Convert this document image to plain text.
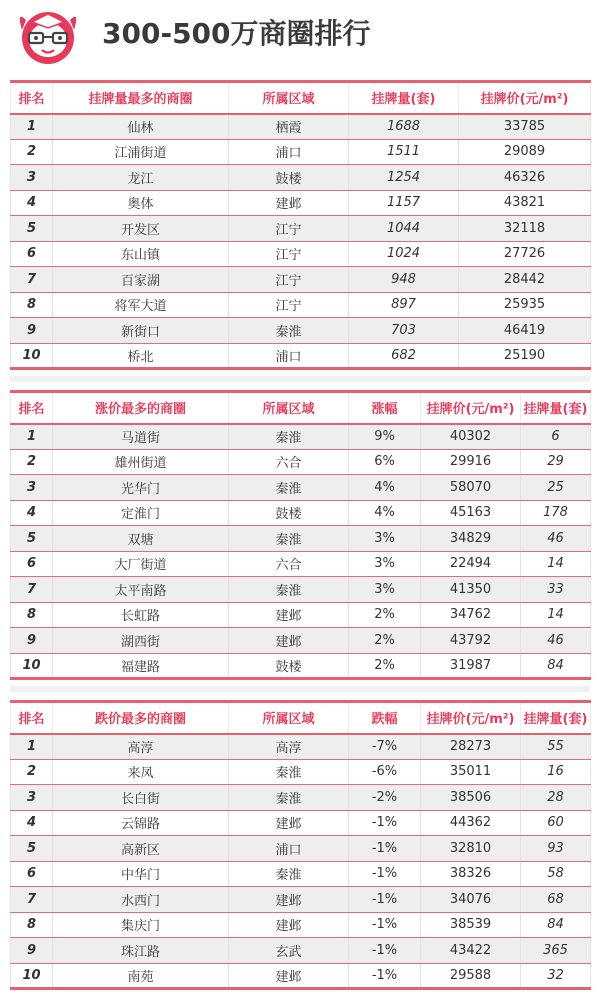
300-500万商圈排行
排名	挂牌量最多的商圈	所属区域	挂牌量(套)	挂牌价(元/m²)
1	仙林	栖霞	1688	33785
2	江浦街道	浦口	1511	29089
3	龙江	鼓楼	1254	46326
4	奥体	建邺	1157	43821
5	开发区	江宁	1044	32118
6	东山镇	江宁	1024	27726
7	百家湖	江宁	948	28442
8	将军大道	江宁	897	25935
9	新街口	秦淮	703	46419
10	桥北	浦口	682	25190
排名	涨价最多的商圈	所属区域	涨幅	挂牌价(元/m²)	挂牌量(套)
1	马道街	秦淮	9%	40302	6
2	雄州街道	六合	6%	29916	29
3	光华门	秦淮	4%	58070	25
4	定淮门	鼓楼	4%	45163	178
5	双塘	秦淮	3%	34829	46
6	大厂街道	六合	3%	22494	14
7	太平南路	秦淮	3%	41350	33
8	长虹路	建邺	2%	34762	14
9	湖西街	建邺	2%	43792	46
10	福建路	鼓楼	2%	31987	84
排名	跌价最多的商圈	所属区域	跌幅	挂牌价(元/m²)	挂牌量(套)
1	高淳	高淳	-7%	28273	55
2	来凤	秦淮	-6%	35011	16
3	长白街	秦淮	-2%	38506	28
4	云锦路	建邺	-1%	44362	60
5	高新区	浦口	-1%	32810	93
6	中华门	秦淮	-1%	38326	58
7	水西门	建邺	-1%	34076	68
8	集庆门	建邺	-1%	38539	84
9	珠江路	玄武	-1%	43422	365
10	南苑	建邺	-1%	29588	32
